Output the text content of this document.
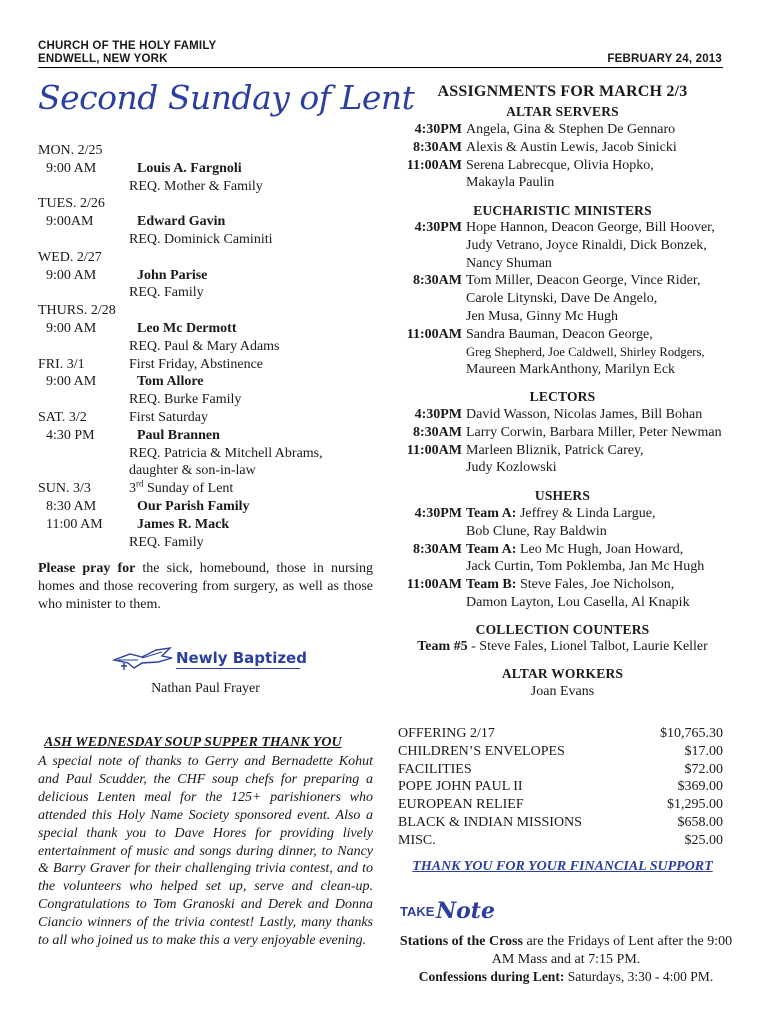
CHURCH OF THE HOLY FAMILY
ENDWELL, NEW YORK	FEBRUARY 24, 2013
Second Sunday of Lent
MON. 2/25
9:00 AM	Louis A. Fargnoli
REQ. Mother & Family
TUES. 2/26
9:00AM	Edward Gavin
REQ. Dominick Caminiti
WED. 2/27
9:00 AM	John Parise
REQ. Family
THURS. 2/28
9:00 AM	Leo Mc Dermott
REQ. Paul & Mary Adams
FRI. 3/1	First Friday, Abstinence
9:00 AM	Tom Allore
REQ. Burke Family
SAT. 3/2	First Saturday
4:30 PM	Paul Brannen
REQ. Patricia & Mitchell Abrams,
daughter & son-in-law
SUN. 3/3	3rd Sunday of Lent
8:30 AM	Our Parish Family
11:00 AM	James R. Mack
REQ. Family
Please pray for the sick, homebound, those in nursing homes and those recovering from surgery, as well as those who minister to them.
Newly Baptized
Nathan Paul Frayer
ASH WEDNESDAY SOUP SUPPER THANK YOU
A special note of thanks to Gerry and Bernadette Kohut and Paul Scudder, the CHF soup chefs for preparing a delicious Lenten meal for the 125+ parishioners who attended this Holy Name Society sponsored event. Also a special thank you to Dave Hores for providing lively entertainment of music and songs during dinner, to Nancy & Barry Graver for their challenging trivia contest, and to the volunteers who helped set up, serve and clean-up. Congratulations to Tom Granoski and Derek and Donna Ciancio winners of the trivia contest! Lastly, many thanks to all who joined us to make this a very enjoyable evening.
ASSIGNMENTS FOR MARCH 2/3
ALTAR SERVERS
4:30PM Angela, Gina & Stephen De Gennaro
8:30AM Alexis & Austin Lewis, Jacob Sinicki
11:00AM Serena Labrecque, Olivia Hopko,
Makayla Paulin
EUCHARISTIC MINISTERS
4:30PM Hope Hannon, Deacon George, Bill Hoover,
Judy Vetrano, Joyce Rinaldi, Dick Bonzek,
Nancy Shuman
8:30AM Tom Miller, Deacon George, Vince Rider,
Carole Litynski, Dave De Angelo,
Jen Musa, Ginny Mc Hugh
11:00AM Sandra Bauman, Deacon George,
Greg Shepherd, Joe Caldwell, Shirley Rodgers,
Maureen MarkAnthony, Marilyn Eck
LECTORS
4:30PM David Wasson, Nicolas James, Bill Bohan
8:30AM Larry Corwin, Barbara Miller, Peter Newman
11:00AM Marleen Bliznik, Patrick Carey,
Judy Kozlowski
USHERS
4:30PM Team A: Jeffrey & Linda Largue,
Bob Clune, Ray Baldwin
8:30AM Team A: Leo Mc Hugh, Joan Howard,
Jack Curtin, Tom Poklemba, Jan Mc Hugh
11:00AM Team B: Steve Fales, Joe Nicholson,
Damon Layton, Lou Casella, Al Knapik
COLLECTION COUNTERS
Team #5 - Steve Fales, Lionel Talbot, Laurie Keller
ALTAR WORKERS
Joan Evans
OFFERING 2/17	$10,765.30
CHILDREN’S ENVELOPES	$17.00
FACILITIES	$72.00
POPE JOHN PAUL II	$369.00
EUROPEAN RELIEF	$1,295.00
BLACK & INDIAN MISSIONS	$658.00
MISC.	$25.00
THANK YOU FOR YOUR FINANCIAL SUPPORT
TAKE Note
Stations of the Cross are the Fridays of Lent after the 9:00 AM Mass and at 7:15 PM.
Confessions during Lent: Saturdays, 3:30 - 4:00 PM.
